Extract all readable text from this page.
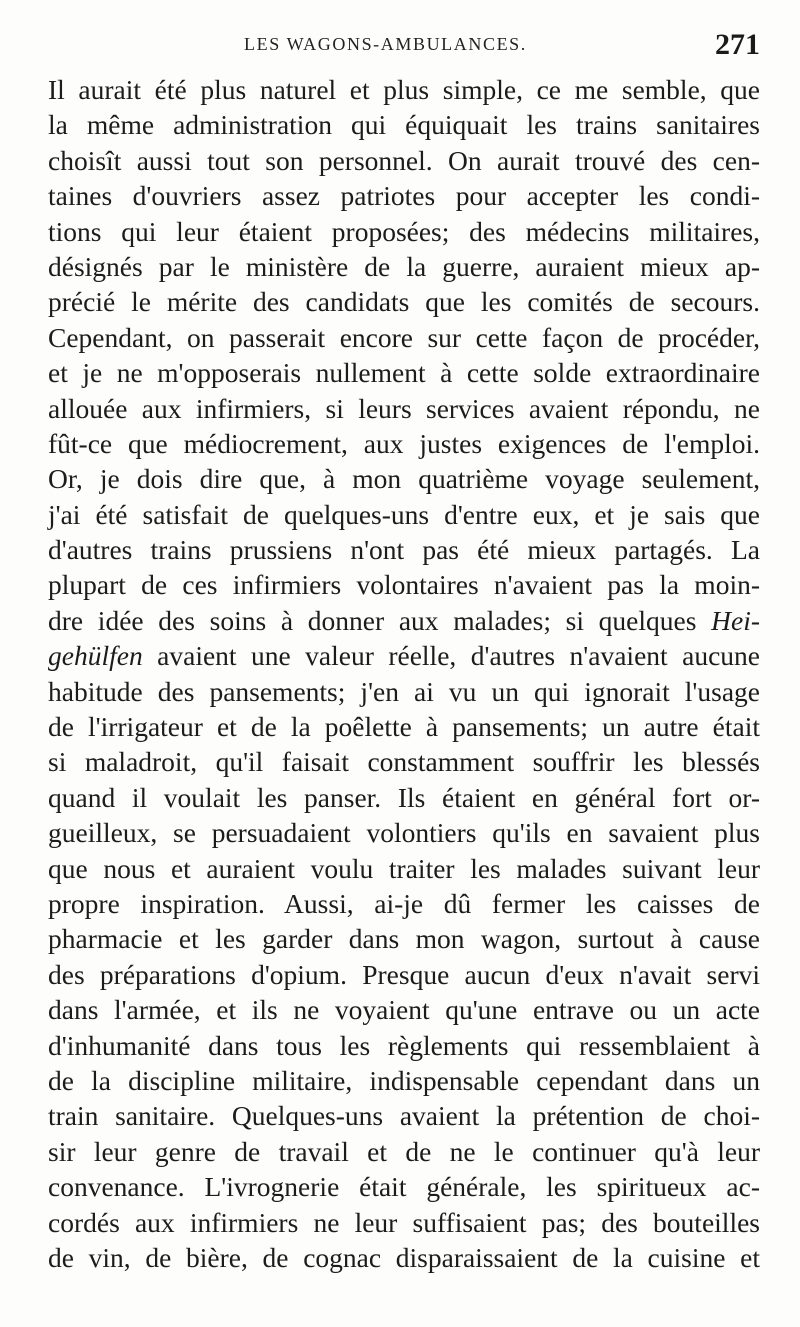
LES WAGONS-AMBULANCES.	271
Il aurait été plus naturel et plus simple, ce me semble, que
la même administration qui équiquait les trains sanitaires
choisît aussi tout son personnel. On aurait trouvé des cen-
taines d'ouvriers assez patriotes pour accepter les condi-
tions qui leur étaient proposées; des médecins militaires,
désignés par le ministère de la guerre, auraient mieux ap-
précié le mérite des candidats que les comités de secours.
Cependant, on passerait encore sur cette façon de procéder,
et je ne m'opposerais nullement à cette solde extraordinaire
allouée aux infirmiers, si leurs services avaient répondu, ne
fût-ce que médiocrement, aux justes exigences de l'emploi.
Or, je dois dire que, à mon quatrième voyage seulement,
j'ai été satisfait de quelques-uns d'entre eux, et je sais que
d'autres trains prussiens n'ont pas été mieux partagés. La
plupart de ces infirmiers volontaires n'avaient pas la moin-
dre idée des soins à donner aux malades; si quelques Hei-
gehülfen avaient une valeur réelle, d'autres n'avaient aucune
habitude des pansements; j'en ai vu un qui ignorait l'usage
de l'irrigateur et de la poêlette à pansements; un autre était
si maladroit, qu'il faisait constamment souffrir les blessés
quand il voulait les panser. Ils étaient en général fort or-
gueilleux, se persuadaient volontiers qu'ils en savaient plus
que nous et auraient voulu traiter les malades suivant leur
propre inspiration. Aussi, ai-je dû fermer les caisses de
pharmacie et les garder dans mon wagon, surtout à cause
des préparations d'opium. Presque aucun d'eux n'avait servi
dans l'armée, et ils ne voyaient qu'une entrave ou un acte
d'inhumanité dans tous les règlements qui ressemblaient à
de la discipline militaire, indispensable cependant dans un
train sanitaire. Quelques-uns avaient la prétention de choi-
sir leur genre de travail et de ne le continuer qu'à leur
convenance. L'ivrognerie était générale, les spiritueux ac-
cordés aux infirmiers ne leur suffisaient pas; des bouteilles
de vin, de bière, de cognac disparaissaient de la cuisine et
